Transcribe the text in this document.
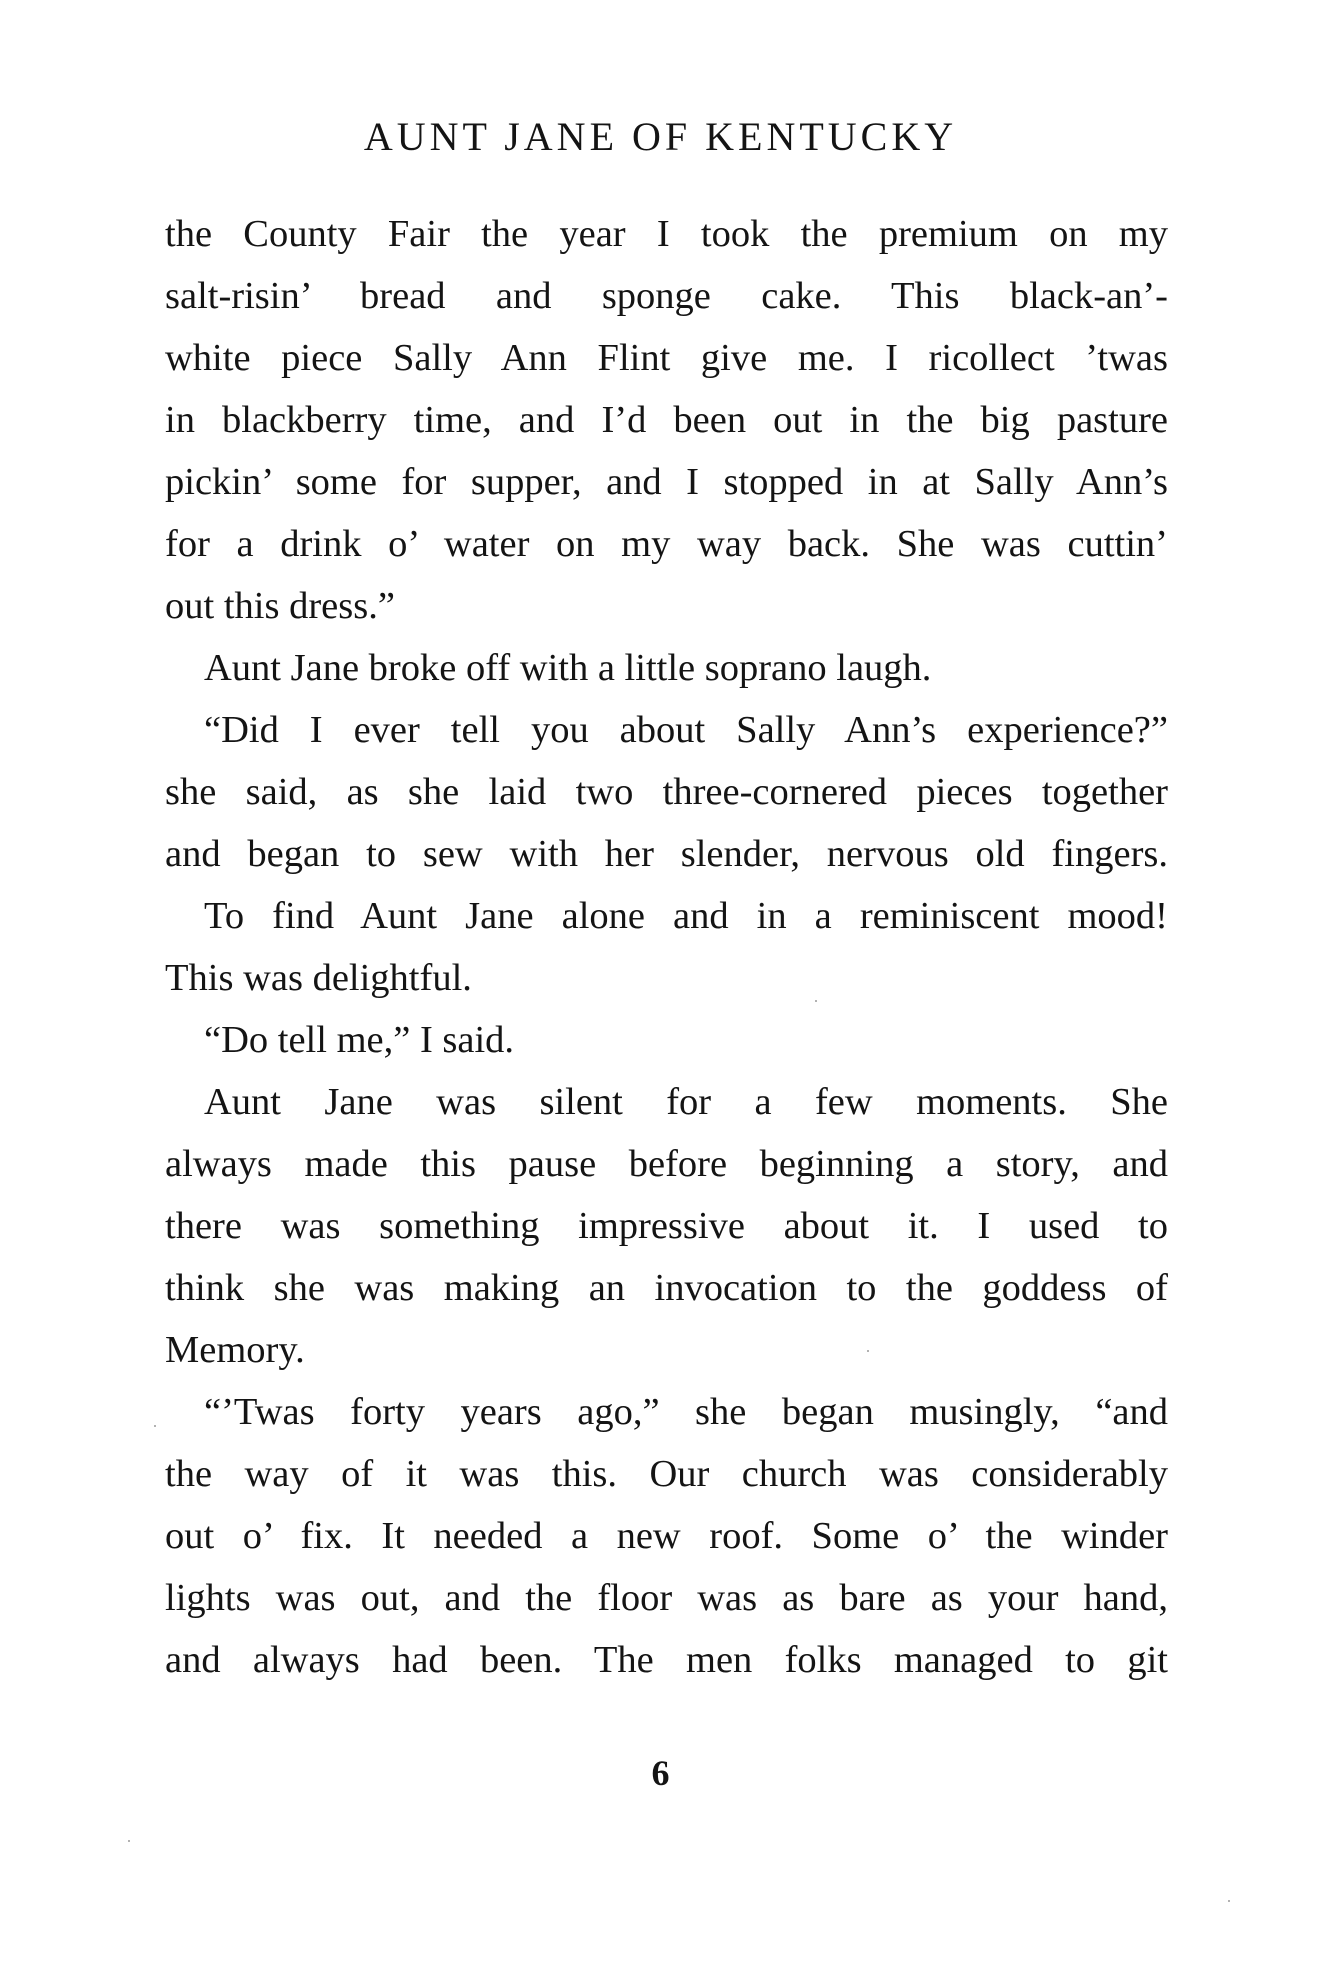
AUNT JANE OF KENTUCKY
the County Fair the year I took the premium on my
salt-risin’ bread and sponge cake. This black-an’-
white piece Sally Ann Flint give me. I ricollect ’twas
in blackberry time, and I’d been out in the big pasture
pickin’ some for supper, and I stopped in at Sally Ann’s
for a drink o’ water on my way back. She was cuttin’
out this dress.”
Aunt Jane broke off with a little soprano laugh.
“Did I ever tell you about Sally Ann’s experience?”
she said, as she laid two three-cornered pieces together
and began to sew with her slender, nervous old fingers.
To find Aunt Jane alone and in a reminiscent mood!
This was delightful.
“Do tell me,” I said.
Aunt Jane was silent for a few moments. She
always made this pause before beginning a story, and
there was something impressive about it. I used to
think she was making an invocation to the goddess of
Memory.
“’Twas forty years ago,” she began musingly, “and
the way of it was this. Our church was considerably
out o’ fix. It needed a new roof. Some o’ the winder
lights was out, and the floor was as bare as your hand,
and always had been. The men folks managed to git
6
